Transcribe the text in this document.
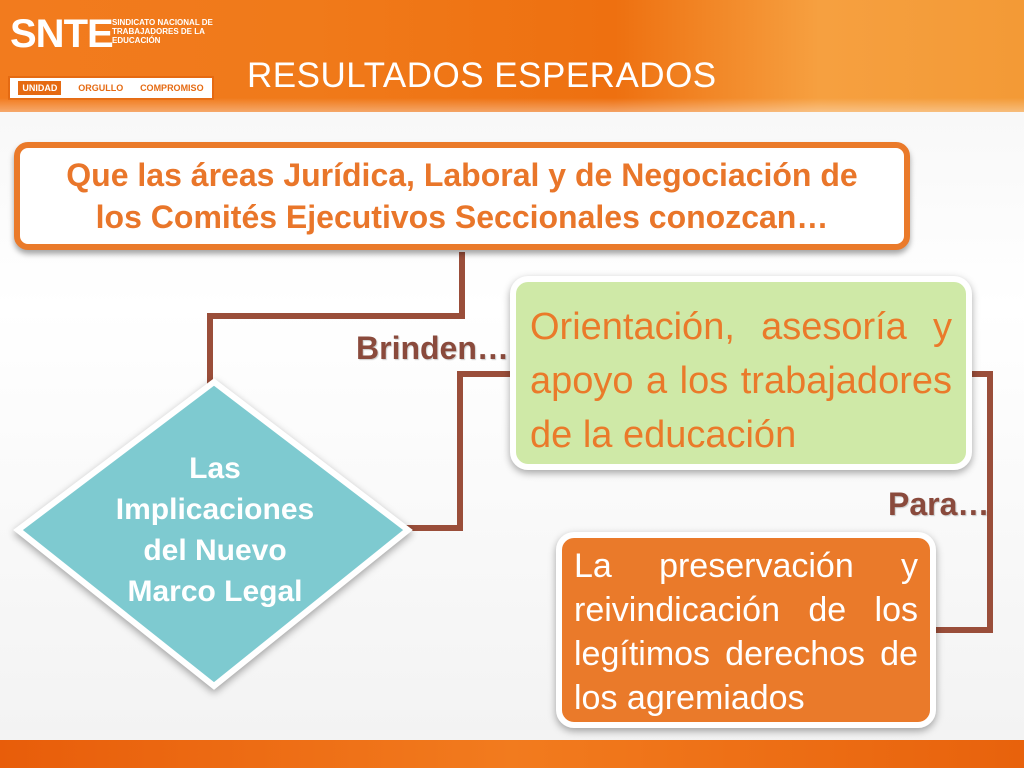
SNTE SINDICATO NACIONAL DE TRABAJADORES DE LA EDUCACIÓN
UNIDAD	ORGULLO COMPROMISO RESULTADOS ESPERADOS
Que las áreas Jurídica, Laboral y de Negociación de los Comités Ejecutivos Seccionales conozcan…
Las Implicaciones del Nuevo Marco Legal
Brinden… Orientación, asesoría y apoyo a los trabajadores de la educación
Para…
La preservación y reivindicación de los legítimos derechos de los agremiados
